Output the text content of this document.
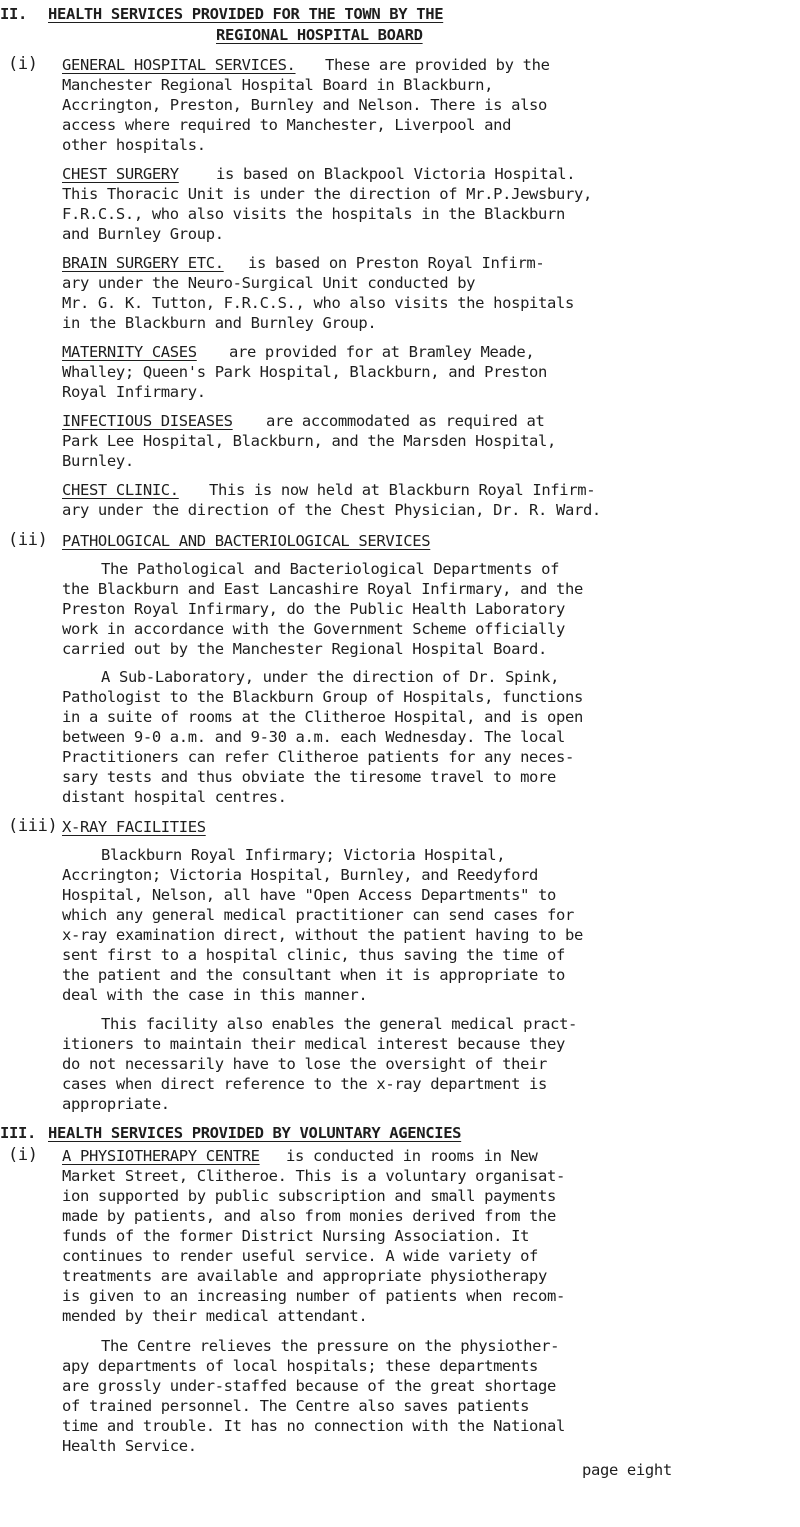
II. HEALTH SERVICES PROVIDED FOR THE TOWN BY THE
REGIONAL HOSPITAL BOARD
(i) GENERAL HOSPITAL SERVICES. These are provided by the
Manchester Regional Hospital Board in Blackburn,
Accrington, Preston, Burnley and Nelson. There is also
access where required to Manchester, Liverpool and
other hospitals.
CHEST SURGERY is based on Blackpool Victoria Hospital.
This Thoracic Unit is under the direction of Mr.P.Jewsbury,
F.R.C.S., who also visits the hospitals in the Blackburn
and Burnley Group.
BRAIN SURGERY ETC. is based on Preston Royal Infirm-
ary under the Neuro-Surgical Unit conducted by
Mr. G. K. Tutton, F.R.C.S., who also visits the hospitals
in the Blackburn and Burnley Group.
MATERNITY CASES are provided for at Bramley Meade,
Whalley; Queen's Park Hospital, Blackburn, and Preston
Royal Infirmary.
INFECTIOUS DISEASES are accommodated as required at
Park Lee Hospital, Blackburn, and the Marsden Hospital,
Burnley.
CHEST CLINIC. This is now held at Blackburn Royal Infirm-
ary under the direction of the Chest Physician, Dr. R. Ward.
(ii) PATHOLOGICAL AND BACTERIOLOGICAL SERVICES
The Pathological and Bacteriological Departments of
the Blackburn and East Lancashire Royal Infirmary, and the
Preston Royal Infirmary, do the Public Health Laboratory
work in accordance with the Government Scheme officially
carried out by the Manchester Regional Hospital Board.
A Sub-Laboratory, under the direction of Dr. Spink,
Pathologist to the Blackburn Group of Hospitals, functions
in a suite of rooms at the Clitheroe Hospital, and is open
between 9-0 a.m. and 9-30 a.m. each Wednesday. The local
Practitioners can refer Clitheroe patients for any neces-
sary tests and thus obviate the tiresome travel to more
distant hospital centres.
(iii) X-RAY FACILITIES
Blackburn Royal Infirmary; Victoria Hospital,
Accrington; Victoria Hospital, Burnley, and Reedyford
Hospital, Nelson, all have "Open Access Departments" to
which any general medical practitioner can send cases for
x-ray examination direct, without the patient having to be
sent first to a hospital clinic, thus saving the time of
the patient and the consultant when it is appropriate to
deal with the case in this manner.
This facility also enables the general medical pract-
itioners to maintain their medical interest because they
do not necessarily have to lose the oversight of their
cases when direct reference to the x-ray department is
appropriate.
III. HEALTH SERVICES PROVIDED BY VOLUNTARY AGENCIES
(i) A PHYSIOTHERAPY CENTRE is conducted in rooms in New
Market Street, Clitheroe. This is a voluntary organisat-
ion supported by public subscription and small payments
made by patients, and also from monies derived from the
funds of the former District Nursing Association. It
continues to render useful service. A wide variety of
treatments are available and appropriate physiotherapy
is given to an increasing number of patients when recom-
mended by their medical attendant.
The Centre relieves the pressure on the physiother-
apy departments of local hospitals; these departments
are grossly under-staffed because of the great shortage
of trained personnel. The Centre also saves patients
time and trouble. It has no connection with the National
Health Service.
page eight
